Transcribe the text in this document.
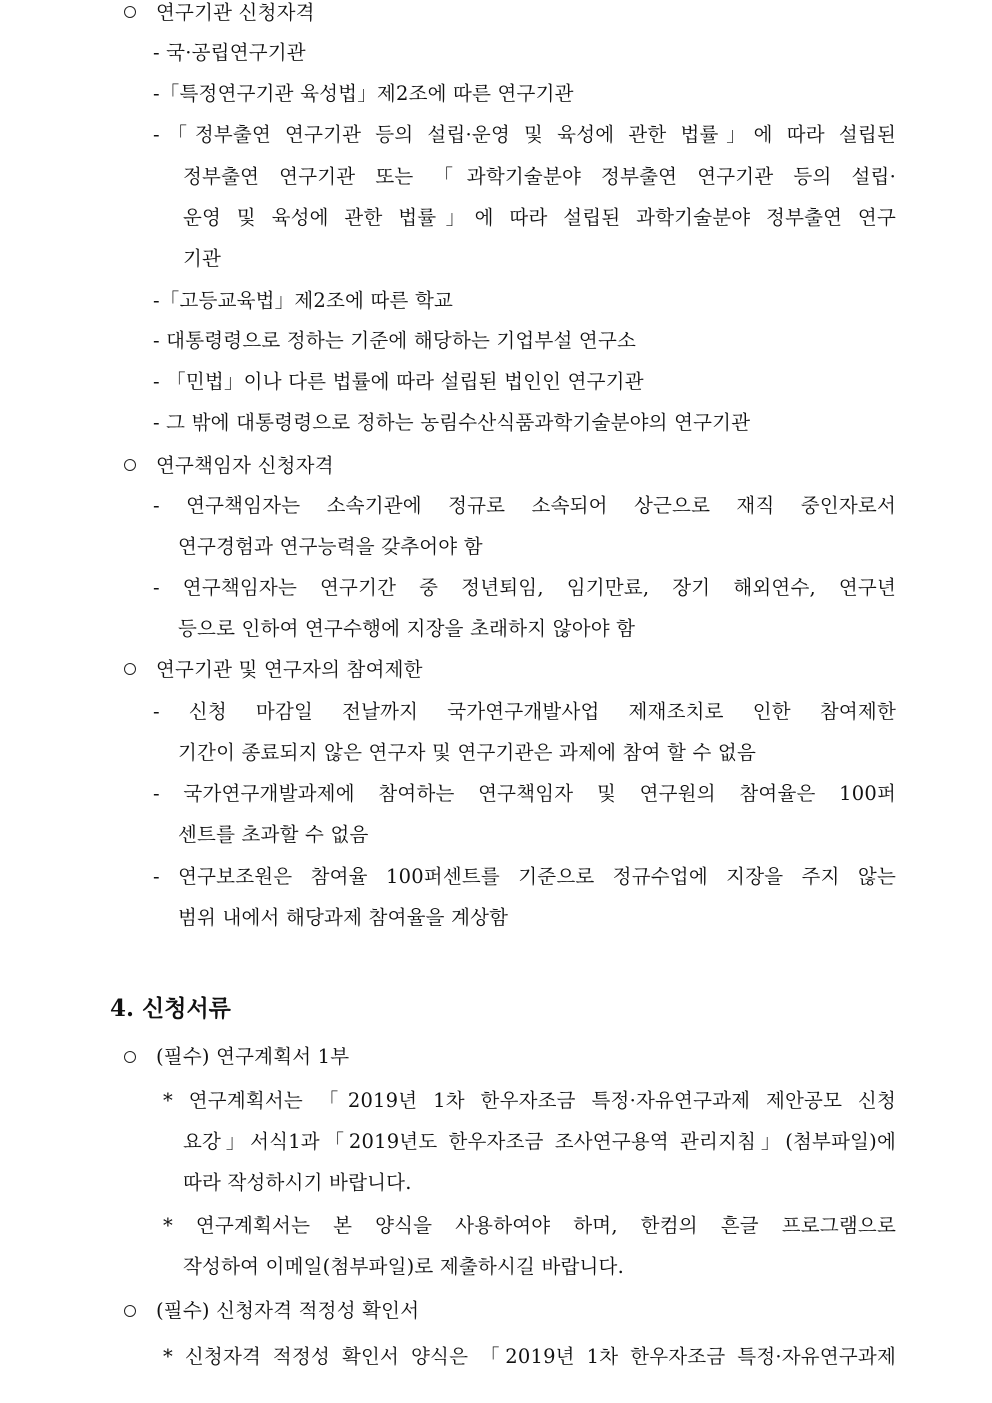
연구기관 신청자격
- 국·공립연구기관
-「특정연구기관 육성법」제2조에 따른 연구기관
-「정부출연 연구기관 등의 설립·운영 및 육성에 관한 법률」에 따라 설립된
정부출연 연구기관 또는 「과학기술분야 정부출연 연구기관 등의 설립·
운영 및 육성에 관한 법률」에 따라 설립된 과학기술분야 정부출연 연구
기관
-「고등교육법」제2조에 따른 학교
- 대통령령으로 정하는 기준에 해당하는 기업부설 연구소
- 「민법」이나 다른 법률에 따라 설립된 법인인 연구기관
- 그 밖에 대통령령으로 정하는 농림수산식품과학기술분야의 연구기관
연구책임자 신청자격
- 연구책임자는 소속기관에 정규로 소속되어 상근으로 재직 중인자로서
연구경험과 연구능력을 갖추어야 함
- 연구책임자는 연구기간 중 정년퇴임, 임기만료, 장기 해외연수, 연구년
등으로 인하여 연구수행에 지장을 초래하지 않아야 함
연구기관 및 연구자의 참여제한
- 신청 마감일 전날까지 국가연구개발사업 제재조치로 인한 참여제한
기간이 종료되지 않은 연구자 및 연구기관은 과제에 참여 할 수 없음
- 국가연구개발과제에 참여하는 연구책임자 및 연구원의 참여율은 100퍼
센트를 초과할 수 없음
- 연구보조원은 참여율 100퍼센트를 기준으로 정규수업에 지장을 주지 않는
범위 내에서 해당과제 참여율을 계상함
4. 신청서류
(필수) 연구계획서 1부
* 연구계획서는 「2019년 1차 한우자조금 특정·자유연구과제 제안공모 신청
요강」서식1과「2019년도 한우자조금 조사연구용역 관리지침」(첨부파일)에
따라 작성하시기 바랍니다.
* 연구계획서는 본 양식을 사용하여야 하며, 한컴의 흔글 프로그램으로
작성하여 이메일(첨부파일)로 제출하시길 바랍니다.
(필수) 신청자격 적정성 확인서
* 신청자격 적정성 확인서 양식은 「2019년 1차 한우자조금 특정·자유연구과제
